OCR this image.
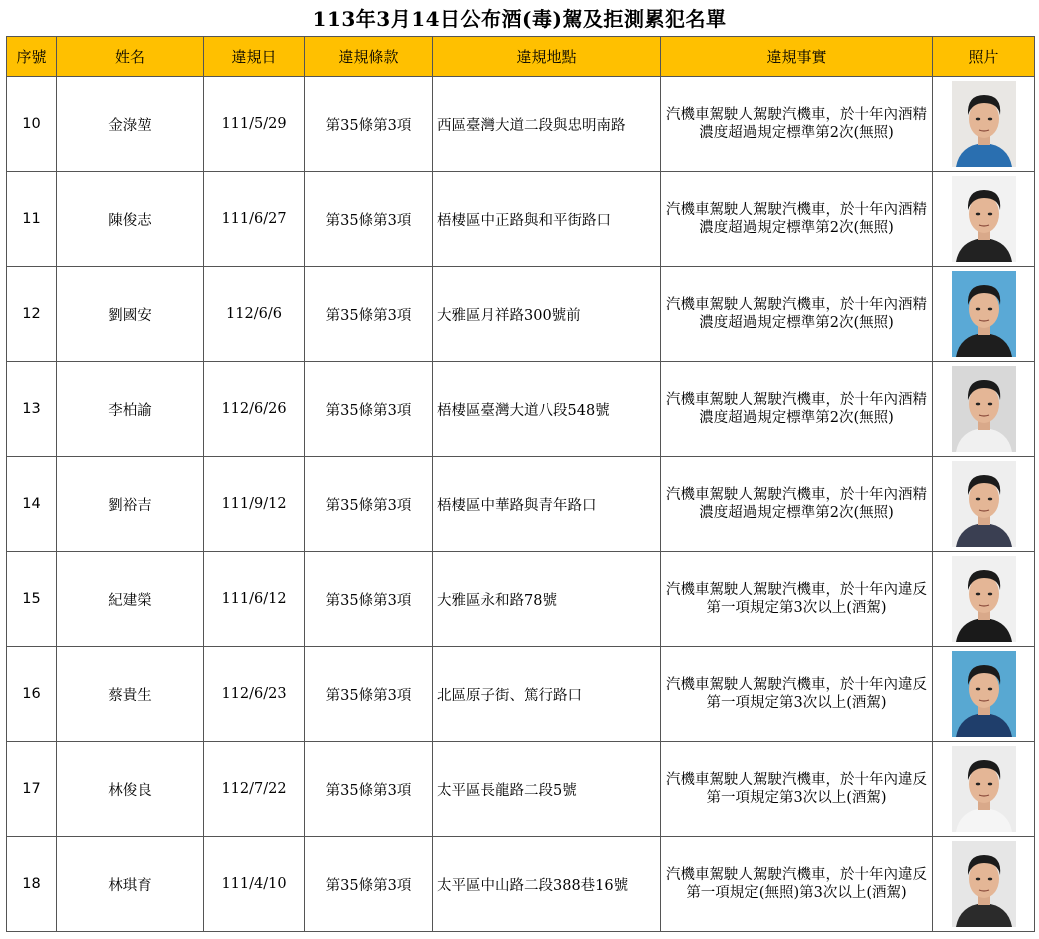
113年3月14日公布酒(毒)駕及拒測累犯名單
序號	姓名	違規日	違規條款	違規地點	違規事實	照片
10	金淥堃	111/5/29	第35條第3項	西區臺灣大道二段與忠明南路	汽機車駕駛人駕駛汽機車，於十年內酒精濃度超過規定標準第2次(無照)	
11	陳俊志	111/6/27	第35條第3項	梧棲區中正路與和平街路口	汽機車駕駛人駕駛汽機車，於十年內酒精濃度超過規定標準第2次(無照)	
12	劉國安	112/6/6	第35條第3項	大雅區月祥路300號前	汽機車駕駛人駕駛汽機車，於十年內酒精濃度超過規定標準第2次(無照)	
13	李柏諭	112/6/26	第35條第3項	梧棲區臺灣大道八段548號	汽機車駕駛人駕駛汽機車，於十年內酒精濃度超過規定標準第2次(無照)	
14	劉裕吉	111/9/12	第35條第3項	梧棲區中華路與青年路口	汽機車駕駛人駕駛汽機車，於十年內酒精濃度超過規定標準第2次(無照)	
15	紀建榮	111/6/12	第35條第3項	大雅區永和路78號	汽機車駕駛人駕駛汽機車，於十年內違反第一項規定第3次以上(酒駕)	
16	蔡貴生	112/6/23	第35條第3項	北區原子街、篤行路口	汽機車駕駛人駕駛汽機車，於十年內違反第一項規定第3次以上(酒駕)	
17	林俊良	112/7/22	第35條第3項	太平區長龍路二段5號	汽機車駕駛人駕駛汽機車，於十年內違反第一項規定第3次以上(酒駕)	
18	林琪育	111/4/10	第35條第3項	太平區中山路二段388巷16號	汽機車駕駛人駕駛汽機車，於十年內違反第一項規定(無照)第3次以上(酒駕)	
